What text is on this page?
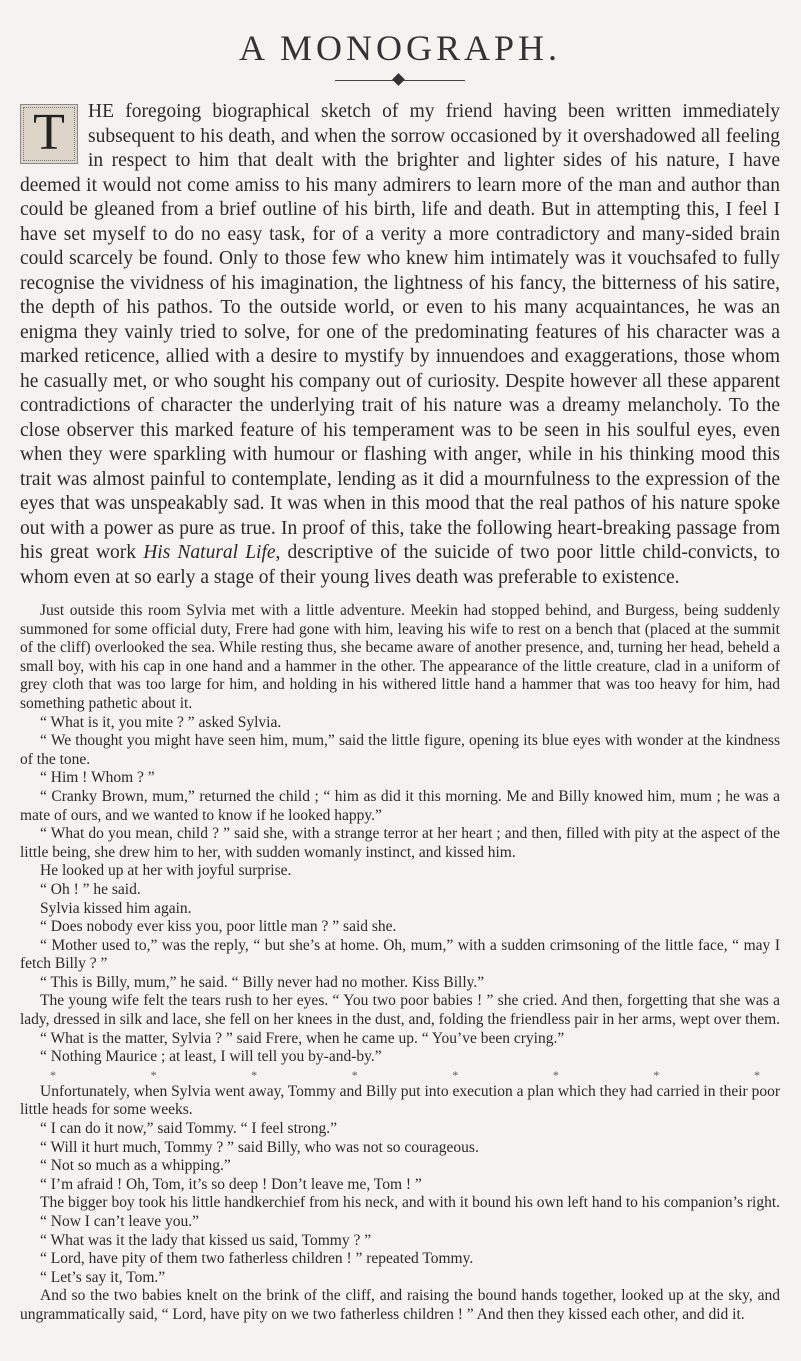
A MONOGRAPH.

T	HE foregoing biographical sketch of my friend having been written immediately subsequent to his death, and when the sorrow occasioned by it overshadowed all feeling in respect to him that dealt with the brighter and lighter sides of his nature, I have deemed it would not come amiss to his many admirers to learn more of the man and author than could be gleaned from a brief outline of his birth, life and death. But in attempting this, I feel I have set myself to do no easy task, for of a verity a more contradictory and many-sided brain could scarcely be found. Only to those few who knew him intimately was it vouchsafed to fully recognise the vividness of his imagination, the lightness of his fancy, the bitterness of his satire, the depth of his pathos. To the outside world, or even to his many acquaintances, he was an enigma they vainly tried to solve, for one of the predominating features of his character was a marked reticence, allied with a desire to mystify by innuendoes and exaggerations, those whom he casually met, or who sought his company out of curiosity. Despite however all these apparent contradictions of character the underlying trait of his nature was a dreamy melancholy. To the close observer this marked feature of his temperament was to be seen in his soulful eyes, even when they were sparkling with humour or flashing with anger, while in his thinking mood this trait was almost painful to contemplate, lending as it did a mournfulness to the expression of the eyes that was unspeakably sad. It was when in this mood that the real pathos of his nature spoke out with a power as pure as true. In proof of this, take the following heart-breaking passage from his great work His Natural Life, descriptive of the suicide of two poor little child-convicts, to whom even at so early a stage of their young lives death was preferable to existence.

Just outside this room Sylvia met with a little adventure. Meekin had stopped behind, and Burgess, being suddenly summoned for some official duty, Frere had gone with him, leaving his wife to rest on a bench that (placed at the summit of the cliff) overlooked the sea. While resting thus, she became aware of another presence, and, turning her head, beheld a small boy, with his cap in one hand and a hammer in the other. The appearance of the little creature, clad in a uniform of grey cloth that was too large for him, and holding in his withered little hand a hammer that was too heavy for him, had something pathetic about it.

“ What is it, you mite ? ” asked Sylvia.

“ We thought you might have seen him, mum,” said the little figure, opening its blue eyes with wonder at the kindness of the tone.

“ Him ! Whom ? ”

“ Cranky Brown, mum,” returned the child ; “ him as did it this morning. Me and Billy knowed him, mum ; he was a mate of ours, and we wanted to know if he looked happy.”

“ What do you mean, child ? ” said she, with a strange terror at her heart ; and then, filled with pity at the aspect of the little being, she drew him to her, with sudden womanly instinct, and kissed him.

He looked up at her with joyful surprise.

“ Oh ! ” he said.

Sylvia kissed him again.

“ Does nobody ever kiss you, poor little man ? ” said she.

“ Mother used to,” was the reply, “ but she’s at home. Oh, mum,” with a sudden crimsoning of the little face, “ may I fetch Billy ? ”

“ This is Billy, mum,” he said. “ Billy never had no mother. Kiss Billy.”

The young wife felt the tears rush to her eyes. “ You two poor babies ! ” she cried. And then, forgetting that she was a lady, dressed in silk and lace, she fell on her knees in the dust, and, folding the friendless pair in her arms, wept over them.

“ What is the matter, Sylvia ? ” said Frere, when he came up. “ You’ve been crying.”

“ Nothing Maurice ; at least, I will tell you by-and-by.”

*	*	*	*	*	*	*	*

Unfortunately, when Sylvia went away, Tommy and Billy put into execution a plan which they had carried in their poor little heads for some weeks.

“ I can do it now,” said Tommy. “ I feel strong.”

“ Will it hurt much, Tommy ? ” said Billy, who was not so courageous.

“ Not so much as a whipping.”

“ I’m afraid ! Oh, Tom, it’s so deep ! Don’t leave me, Tom ! ”

The bigger boy took his little handkerchief from his neck, and with it bound his own left hand to his companion’s right.

“ Now I can’t leave you.”

“ What was it the lady that kissed us said, Tommy ? ”

“ Lord, have pity of them two fatherless children ! ” repeated Tommy.

“ Let’s say it, Tom.”

And so the two babies knelt on the brink of the cliff, and raising the bound hands together, looked up at the sky, and ungrammatically said, “ Lord, have pity on we two fatherless children ! ” And then they kissed each other, and did it.
